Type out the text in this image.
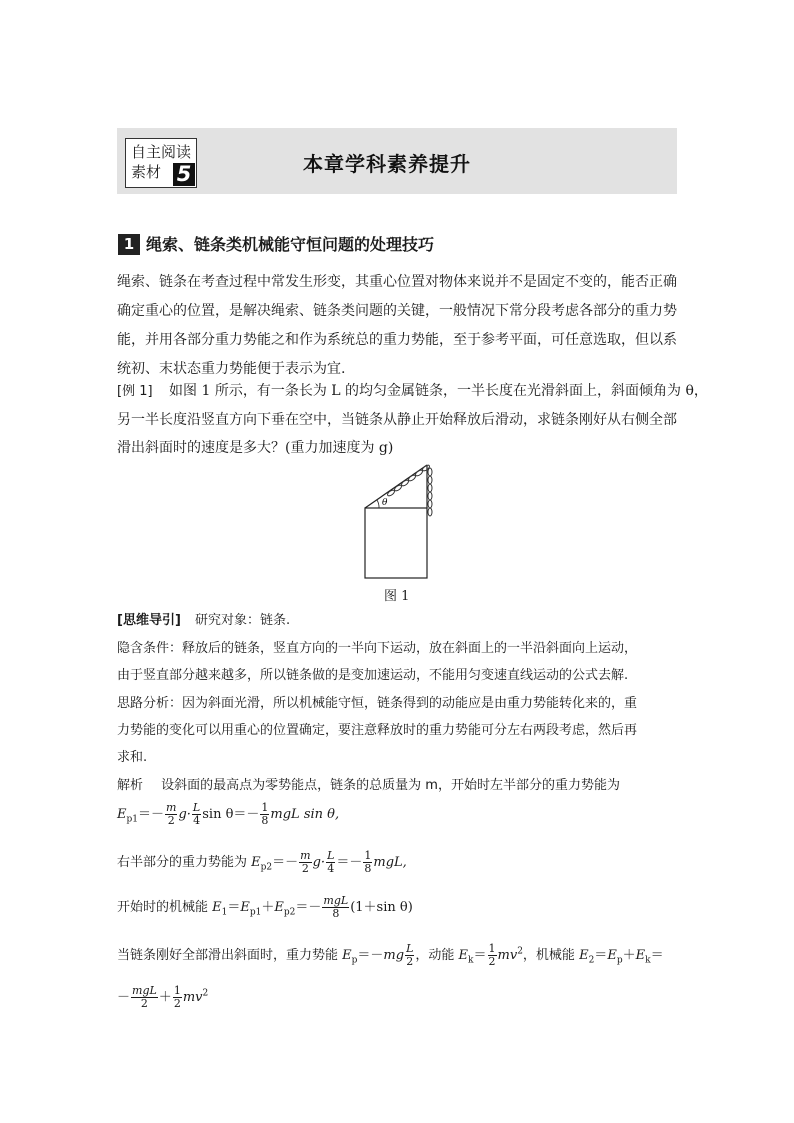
自主阅读
素材 5	本章学科素养提升
1 绳索、链条类机械能守恒问题的处理技巧
绳索、链条在考查过程中常发生形变，其重心位置对物体来说并不是固定不变的，能否正确
确定重心的位置，是解决绳索、链条类问题的关键，一般情况下常分段考虑各部分的重力势
能，并用各部分重力势能之和作为系统总的重力势能，至于参考平面，可任意选取，但以系
统初、末状态重力势能便于表示为宜.
[例 1] 如图 1 所示，有一条长为 L 的均匀金属链条，一半长度在光滑斜面上，斜面倾角为 θ，
另一半长度沿竖直方向下垂在空中，当链条从静止开始释放后滑动，求链条刚好从右侧全部
滑出斜面时的速度是多大？(重力加速度为 g)
θ
图 1
[思维导引] 研究对象：链条.
隐含条件：释放后的链条，竖直方向的一半向下运动，放在斜面上的一半沿斜面向上运动，
由于竖直部分越来越多，所以链条做的是变加速运动，不能用匀变速直线运动的公式去解.
思路分析：因为斜面光滑，所以机械能守恒，链条得到的动能应是由重力势能转化来的，重
力势能的变化可以用重心的位置确定，要注意释放时的重力势能可分左右两段考虑，然后再
求和.
解析 设斜面的最高点为零势能点，链条的总质量为 m，开始时左半部分的重力势能为
$E_{p1}=- \frac{m}{2} g\cdot \frac{L}{4}$ $\sin \theta=- \frac{1}{8}$ mgL sin θ,
右半部分的重力势能为 $E_{p2}=- \frac{m}{2} g\cdot \frac{L}{4} =- \frac{1}{8}$ mgL,
开始时的机械能 $E_1=E_{p1}+E_{p2}=- \frac{\text{mgL}}{8} (1+\sin$ θ)
当链条刚好全部滑出斜面时，重力势能 $E_p=-mg \frac{L}{2}$ ，动能 $E_k= \frac{1}{2} mv^2$，机械能 $E_2=E_p+E_k=$
－ $\frac{\text{mgL}}{2} + \frac{1}{2} mv^2$
